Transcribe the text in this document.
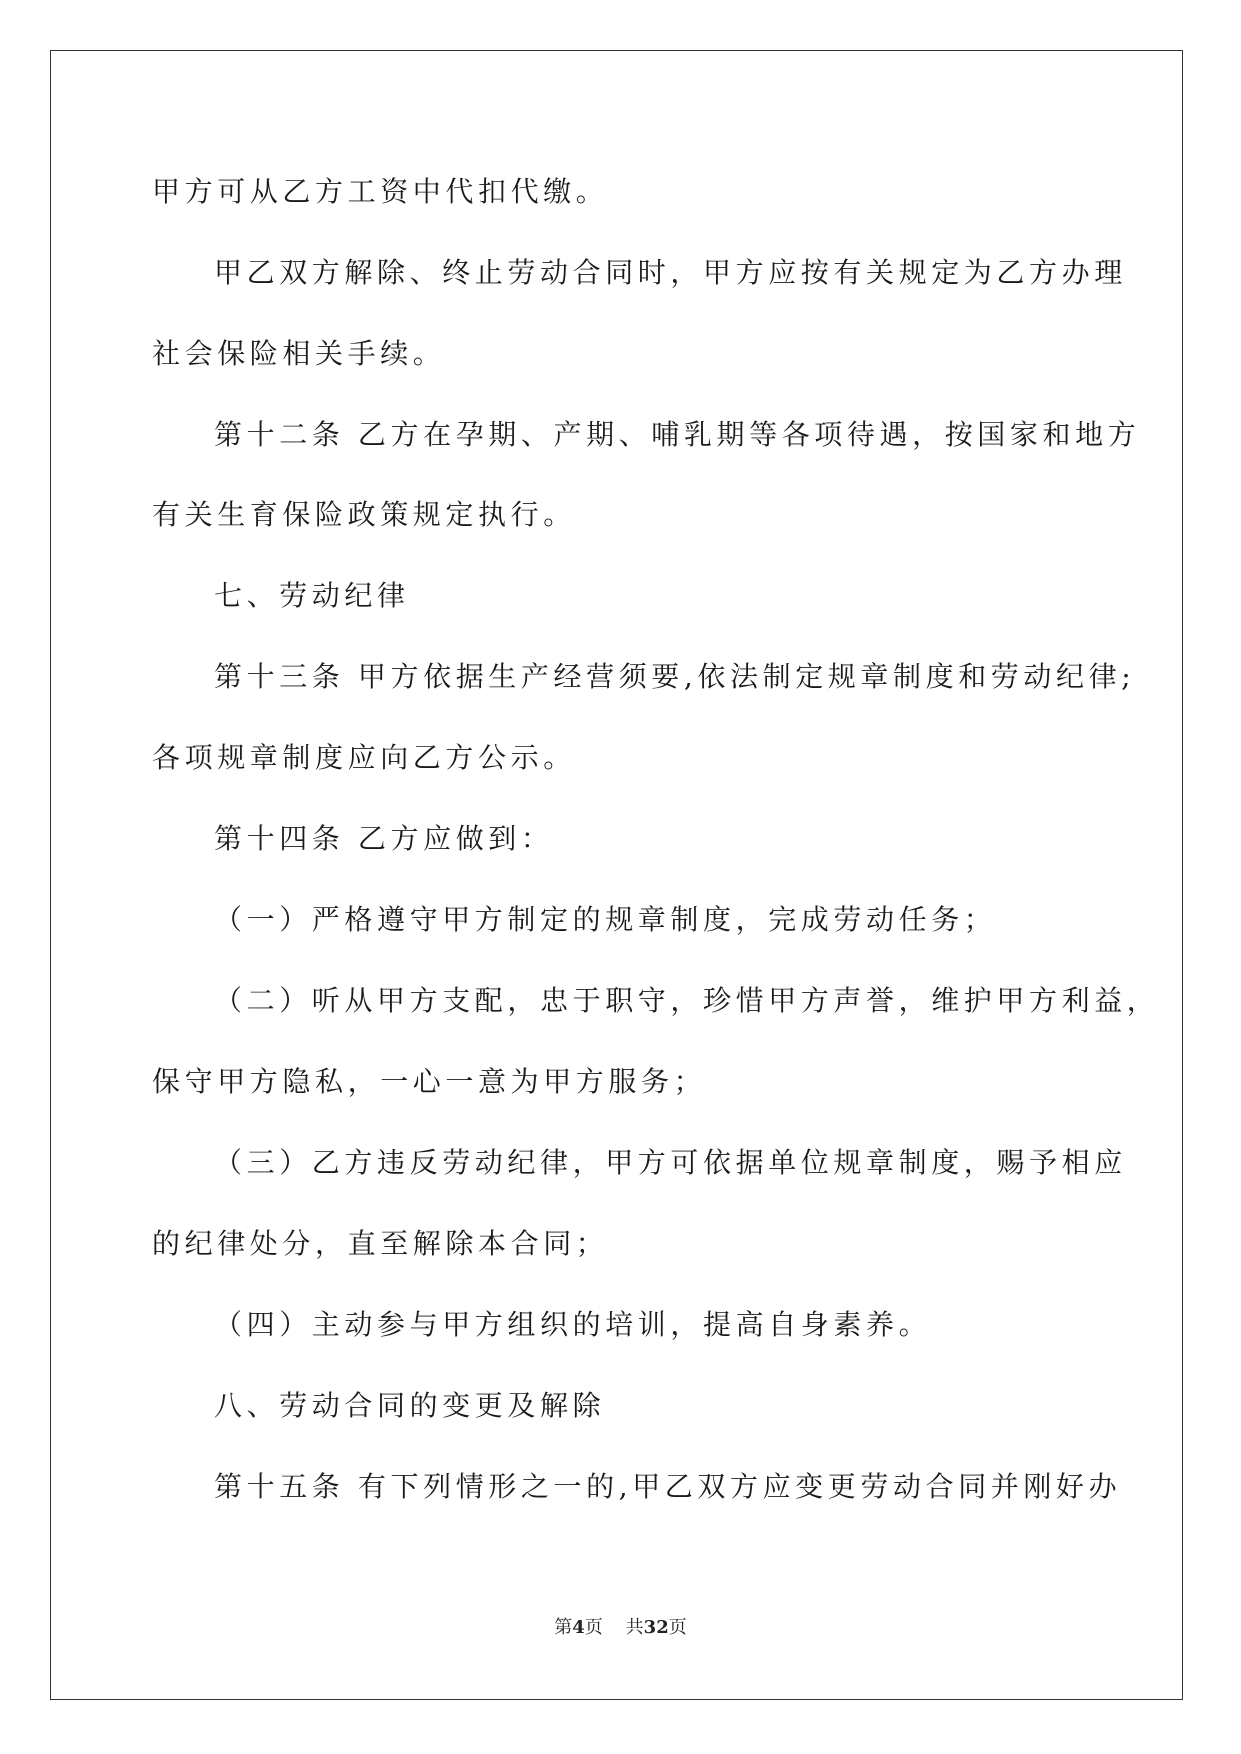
甲方可从乙方工资中代扣代缴。
甲乙双方解除、终止劳动合同时，甲方应按有关规定为乙方办理
社会保险相关手续。
第十二条 乙方在孕期、产期、哺乳期等各项待遇，按国家和地方
有关生育保险政策规定执行。
七、劳动纪律
第十三条 甲方依据生产经营须要,依法制定规章制度和劳动纪律;
各项规章制度应向乙方公示。
第十四条 乙方应做到：
（一）严格遵守甲方制定的规章制度，完成劳动任务；
（二）听从甲方支配，忠于职守，珍惜甲方声誉，维护甲方利益，
保守甲方隐私，一心一意为甲方服务；
（三）乙方违反劳动纪律，甲方可依据单位规章制度，赐予相应
的纪律处分，直至解除本合同；
（四）主动参与甲方组织的培训，提高自身素养。
八、劳动合同的变更及解除
第十五条 有下列情形之一的,甲乙双方应变更劳动合同并刚好办
第4页 共32页
